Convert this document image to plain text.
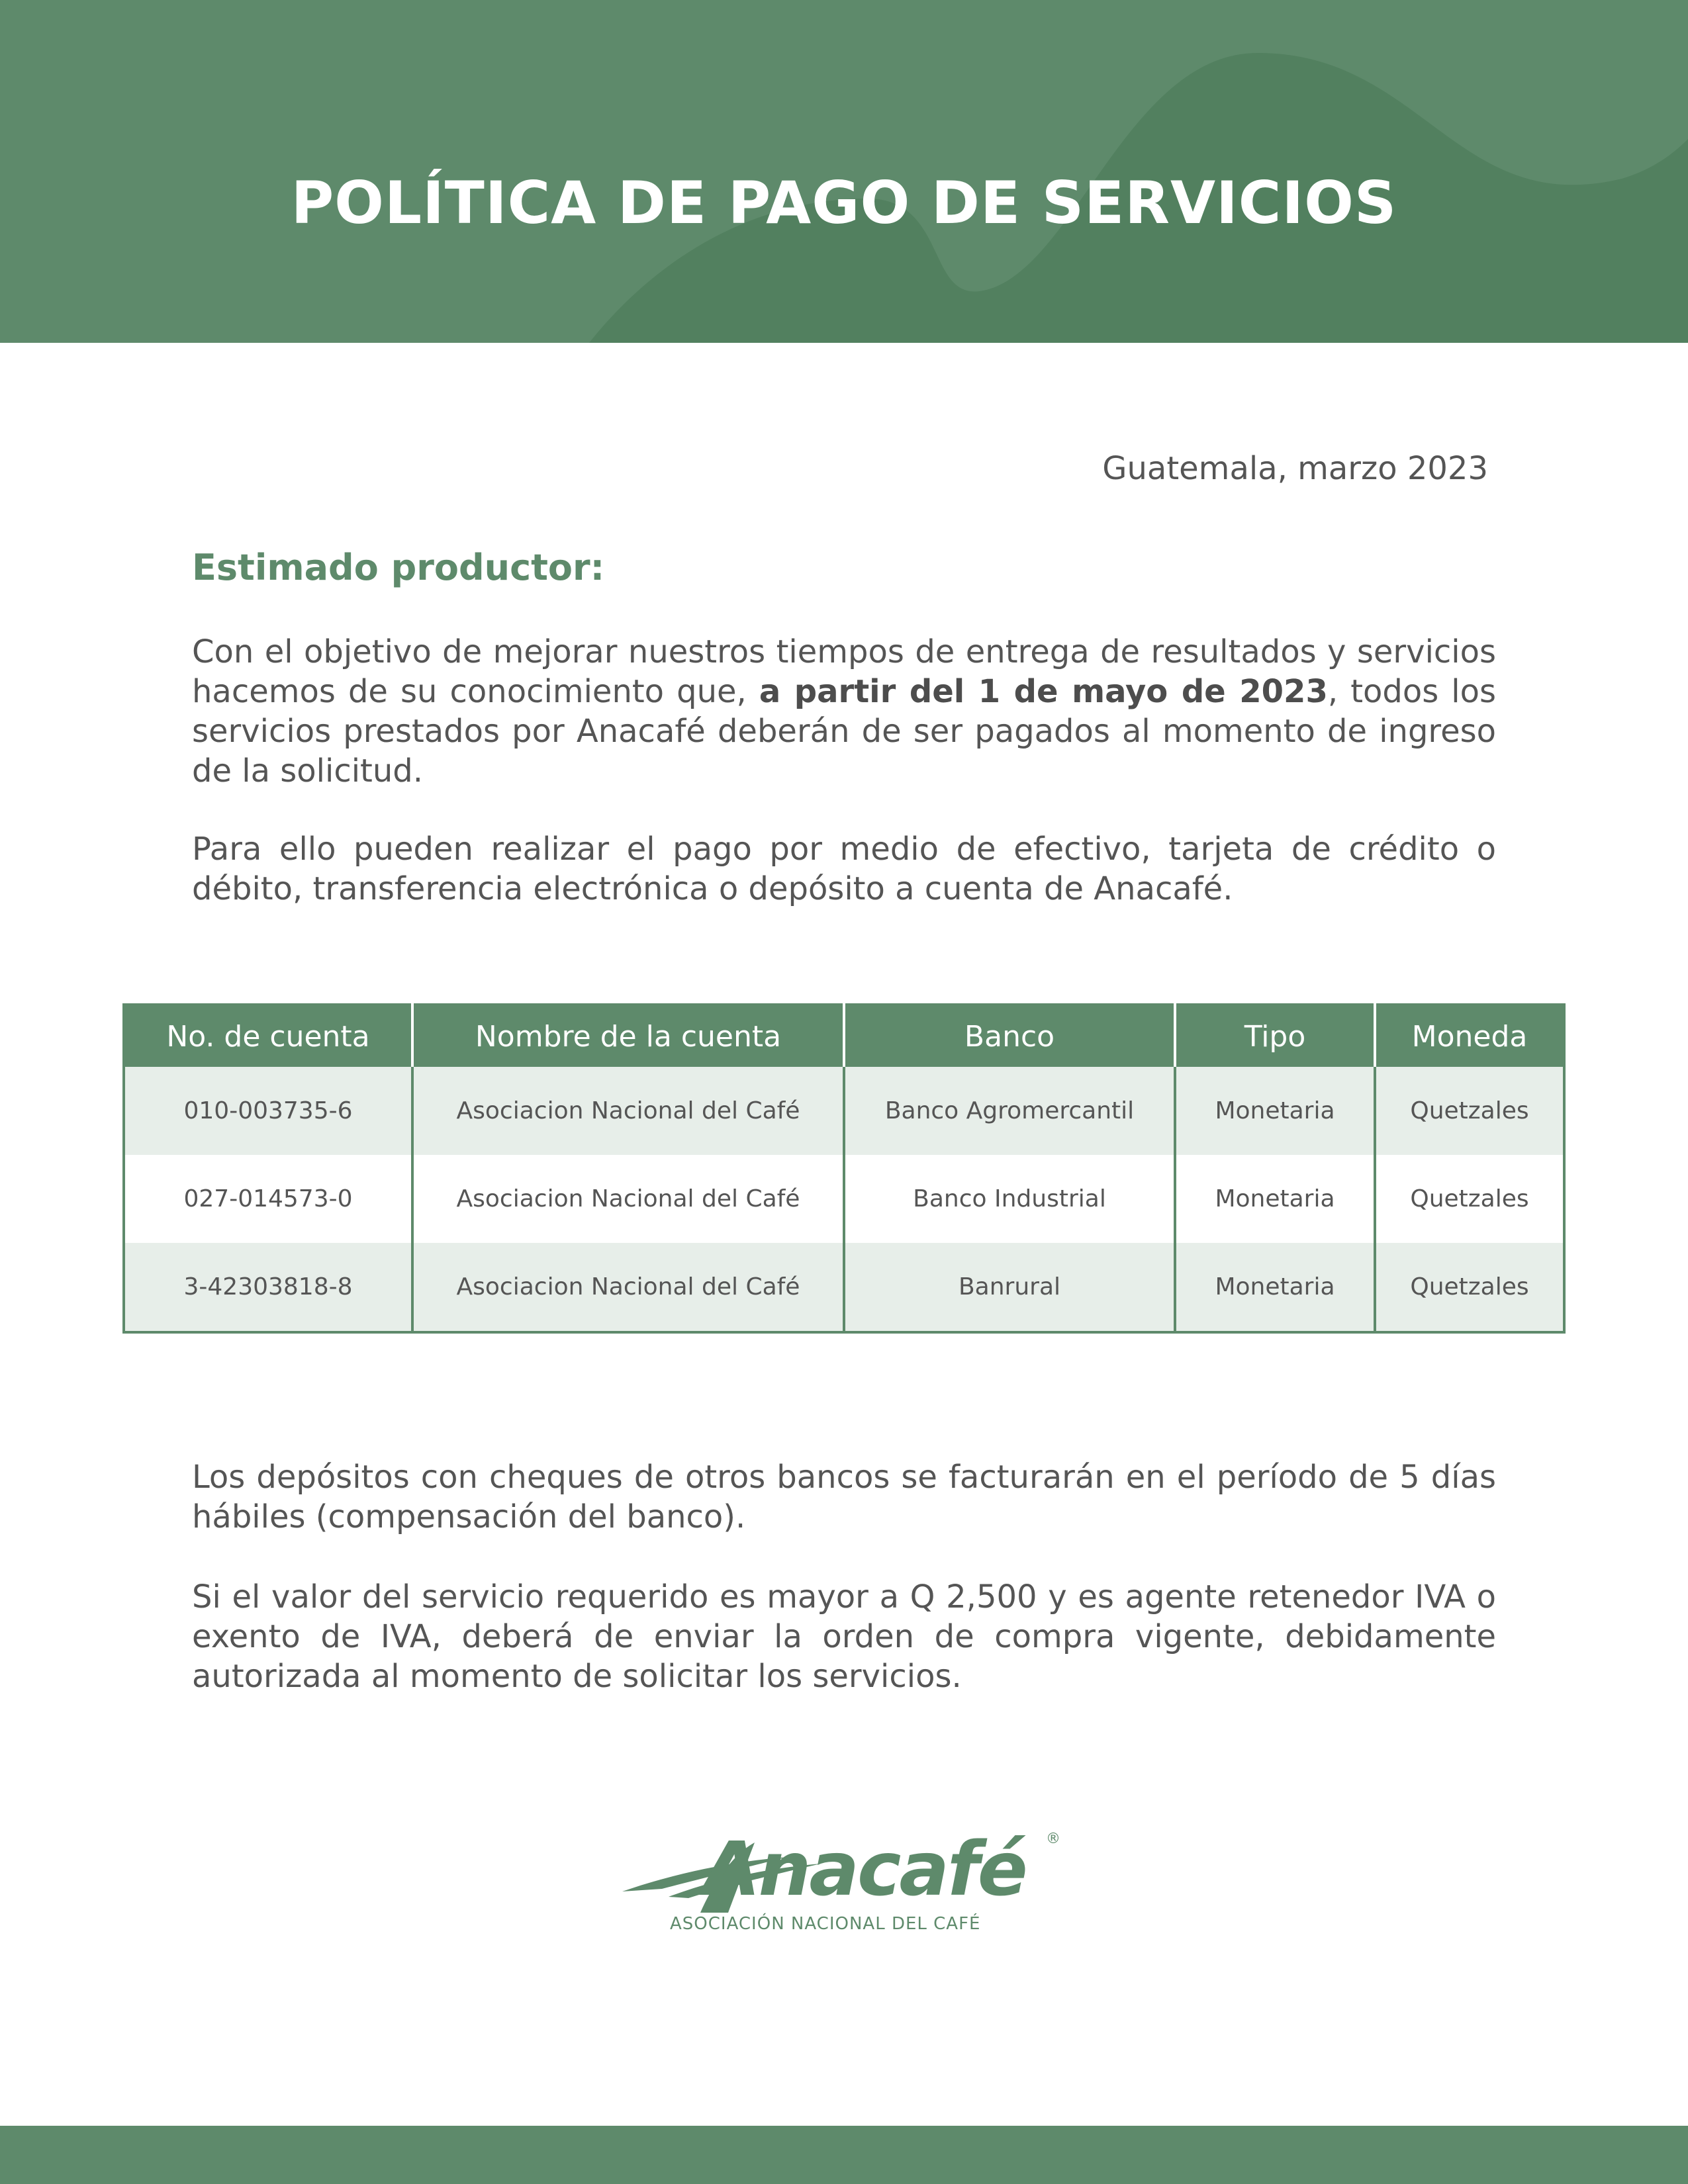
POLÍTICA DE PAGO DE SERVICIOS
Guatemala, marzo 2023
Estimado productor:
Con el objetivo de mejorar nuestros tiempos de entrega de resultados y servicios hacemos de su conocimiento que, a partir del 1 de mayo de 2023, todos los servicios prestados por Anacafé deberán de ser pagados al momento de ingreso de la solicitud.
Para ello pueden realizar el pago por medio de efectivo, tarjeta de crédito o débito, transferencia electrónica o depósito a cuenta de Anacafé.
No. de cuenta	Nombre de la cuenta	Banco	Tipo	Moneda
010-003735-6	Asociacion Nacional del Café	Banco Agromercantil	Monetaria	Quetzales
027-014573-0	Asociacion Nacional del Café	Banco Industrial	Monetaria	Quetzales
3-42303818-8	Asociacion Nacional del Café	Banrural	Monetaria	Quetzales
Los depósitos con cheques de otros bancos se facturarán en el período de 5 días hábiles (compensación del banco).
Si el valor del servicio requerido es mayor a Q 2,500 y es agente retenedor IVA o exento de IVA, deberá de enviar la orden de compra vigente, debidamente autorizada al momento de solicitar los servicios.
Anacafé ®
ASOCIACIÓN NACIONAL DEL CAFÉ
